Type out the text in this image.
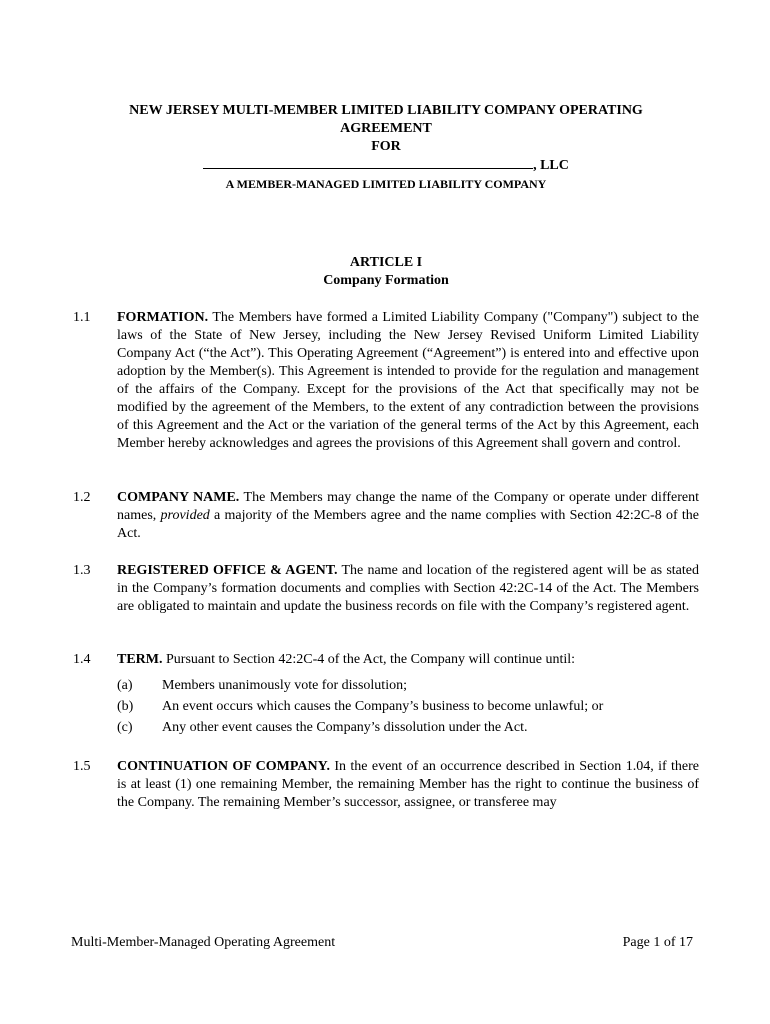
NEW JERSEY MULTI-MEMBER LIMITED LIABILITY COMPANY OPERATING
AGREEMENT
FOR
, LLC
A MEMBER-MANAGED LIMITED LIABILITY COMPANY
ARTICLE I
Company Formation
1.1	FORMATION. The Members have formed a Limited Liability Company ("Company") subject to the laws of the State of New Jersey, including the New Jersey Revised Uniform Limited Liability Company Act (“the Act”). This Operating Agreement (“Agreement”) is entered into and effective upon adoption by the Member(s). This Agreement is intended to provide for the regulation and management of the affairs of the Company. Except for the provisions of the Act that specifically may not be modified by the agreement of the Members, to the extent of any contradiction between the provisions of this Agreement and the Act or the variation of the general terms of the Act by this Agreement, each Member hereby acknowledges and agrees the provisions of this Agreement shall govern and control.
1.2	COMPANY NAME. The Members may change the name of the Company or operate under different names, provided a majority of the Members agree and the name complies with Section 42:2C-8 of the Act.
1.3	REGISTERED OFFICE & AGENT. The name and location of the registered agent will be as stated in the Company’s formation documents and complies with Section 42:2C-14 of the Act. The Members are obligated to maintain and update the business records on file with the Company’s registered agent.
1.4	TERM. Pursuant to Section 42:2C-4 of the Act, the Company will continue until:
(a) Members unanimously vote for dissolution;
(b) An event occurs which causes the Company’s business to become unlawful; or
(c) Any other event causes the Company’s dissolution under the Act.
1.5	CONTINUATION OF COMPANY. In the event of an occurrence described in Section 1.04, if there is at least (1) one remaining Member, the remaining Member has the right to continue the business of the Company. The remaining Member’s successor, assignee, or transferee may
Multi-Member-Managed Operating Agreement	Page 1 of 17
